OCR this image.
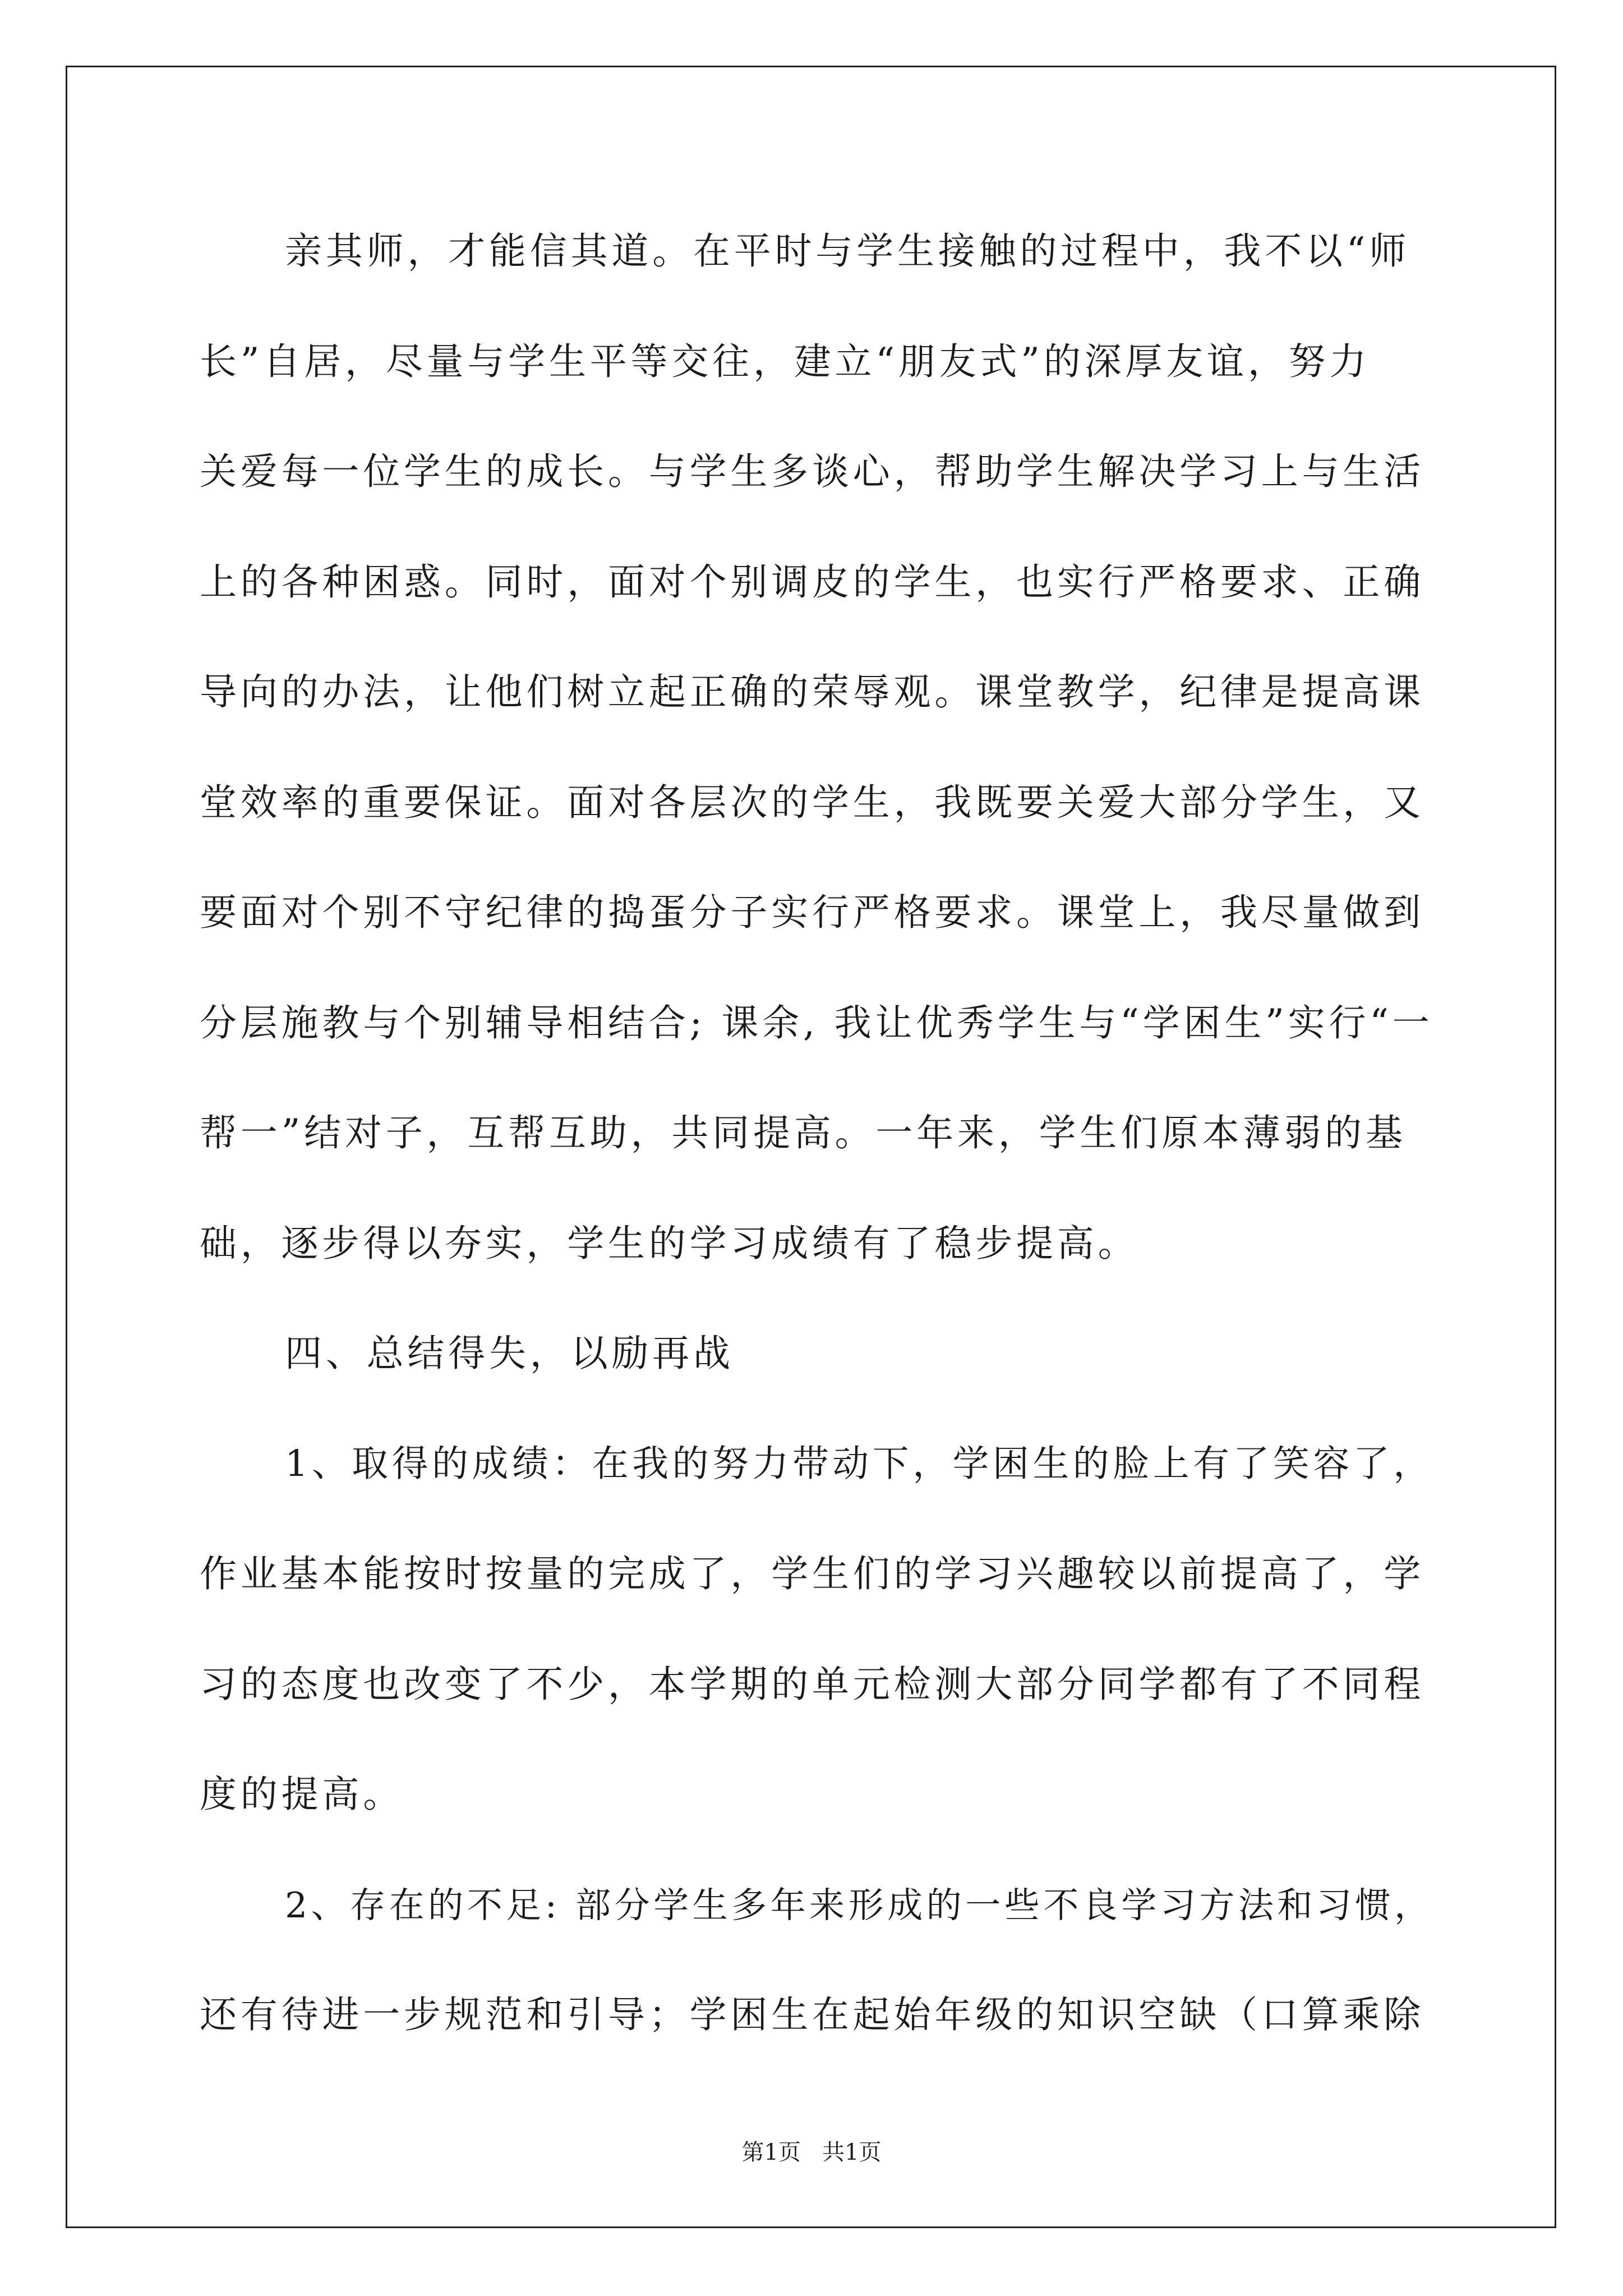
亲其师，才能信其道。在平时与学生接触的过程中，我不以“师
长”自居，尽量与学生平等交往，建立“朋友式”的深厚友谊，努力
关爱每一位学生的成长。与学生多谈心，帮助学生解决学习上与生活
上的各种困惑。同时，面对个别调皮的学生，也实行严格要求、正确
导向的办法，让他们树立起正确的荣辱观。课堂教学，纪律是提高课
堂效率的重要保证。面对各层次的学生，我既要关爱大部分学生，又
要面对个别不守纪律的捣蛋分子实行严格要求。课堂上，我尽量做到
分层施教与个别辅导相结合; 课余, 我让优秀学生与“学困生”实行“一
帮一”结对子，互帮互助，共同提高。一年来，学生们原本薄弱的基
础，逐步得以夯实，学生的学习成绩有了稳步提高。
四、总结得失，以励再战
1、取得的成绩：在我的努力带动下，学困生的脸上有了笑容了，
作业基本能按时按量的完成了，学生们的学习兴趣较以前提高了，学
习的态度也改变了不少，本学期的单元检测大部分同学都有了不同程
度的提高。
2、存在的不足: 部分学生多年来形成的一些不良学习方法和习惯，
还有待进一步规范和引导；学困生在起始年级的知识空缺（口算乘除
第1页   共1页
